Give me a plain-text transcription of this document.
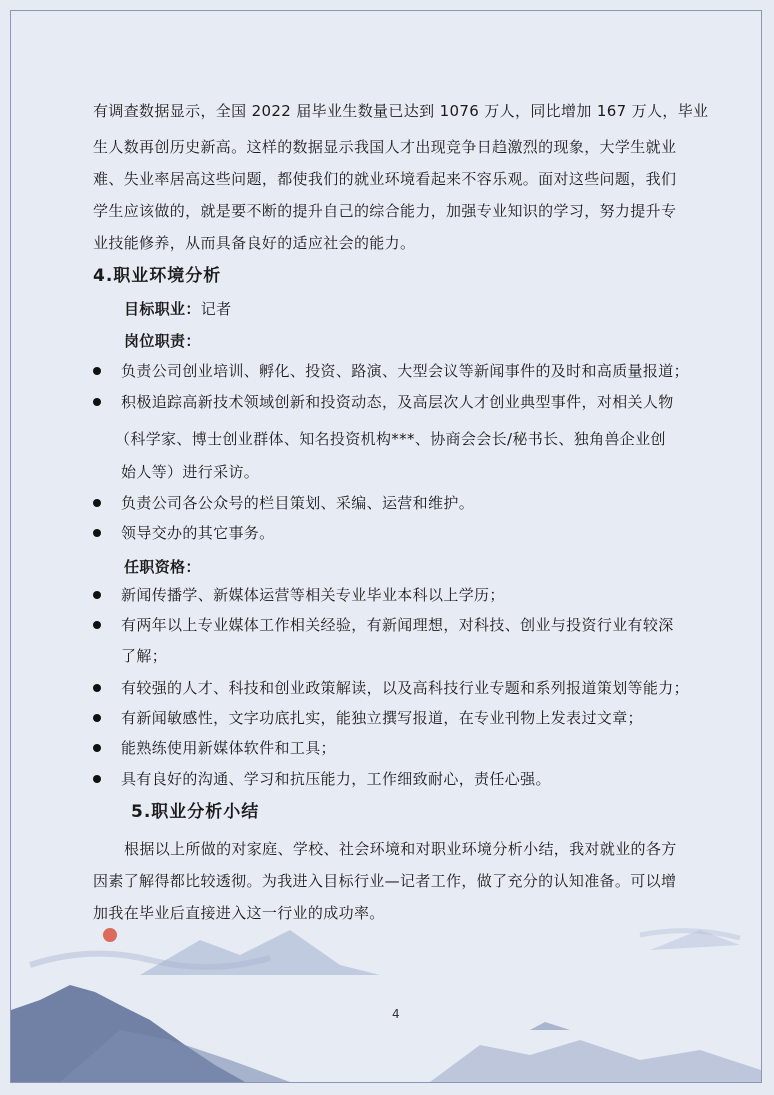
有调查数据显示，全国 2022 届毕业生数量已达到 1076 万人，同比增加 167 万人，毕业
生人数再创历史新高。这样的数据显示我国人才出现竞争日趋激烈的现象，大学生就业
难、失业率居高这些问题，都使我们的就业环境看起来不容乐观。面对这些问题，我们
学生应该做的，就是要不断的提升自己的综合能力，加强专业知识的学习，努力提升专
业技能修养，从而具备良好的适应社会的能力。
4.职业环境分析
目标职业：记者
岗位职责：
负责公司创业培训、孵化、投资、路演、大型会议等新闻事件的及时和高质量报道；
积极追踪高新技术领域创新和投资动态，及高层次人才创业典型事件，对相关人物
（科学家、博士创业群体、知名投资机构***、协商会会长/秘书长、独角兽企业创
始人等）进行采访。
负责公司各公众号的栏目策划、采编、运营和维护。
领导交办的其它事务。
任职资格：
新闻传播学、新媒体运营等相关专业毕业本科以上学历；
有两年以上专业媒体工作相关经验，有新闻理想，对科技、创业与投资行业有较深
了解；
有较强的人才、科技和创业政策解读，以及高科技行业专题和系列报道策划等能力；
有新闻敏感性，文字功底扎实，能独立撰写报道，在专业刊物上发表过文章；
能熟练使用新媒体软件和工具；
具有良好的沟通、学习和抗压能力，工作细致耐心，责任心强。
5.职业分析小结
根据以上所做的对家庭、学校、社会环境和对职业环境分析小结，我对就业的各方
因素了解得都比较透彻。为我进入目标行业—记者工作，做了充分的认知准备。可以增
加我在毕业后直接进入这一行业的成功率。
4
